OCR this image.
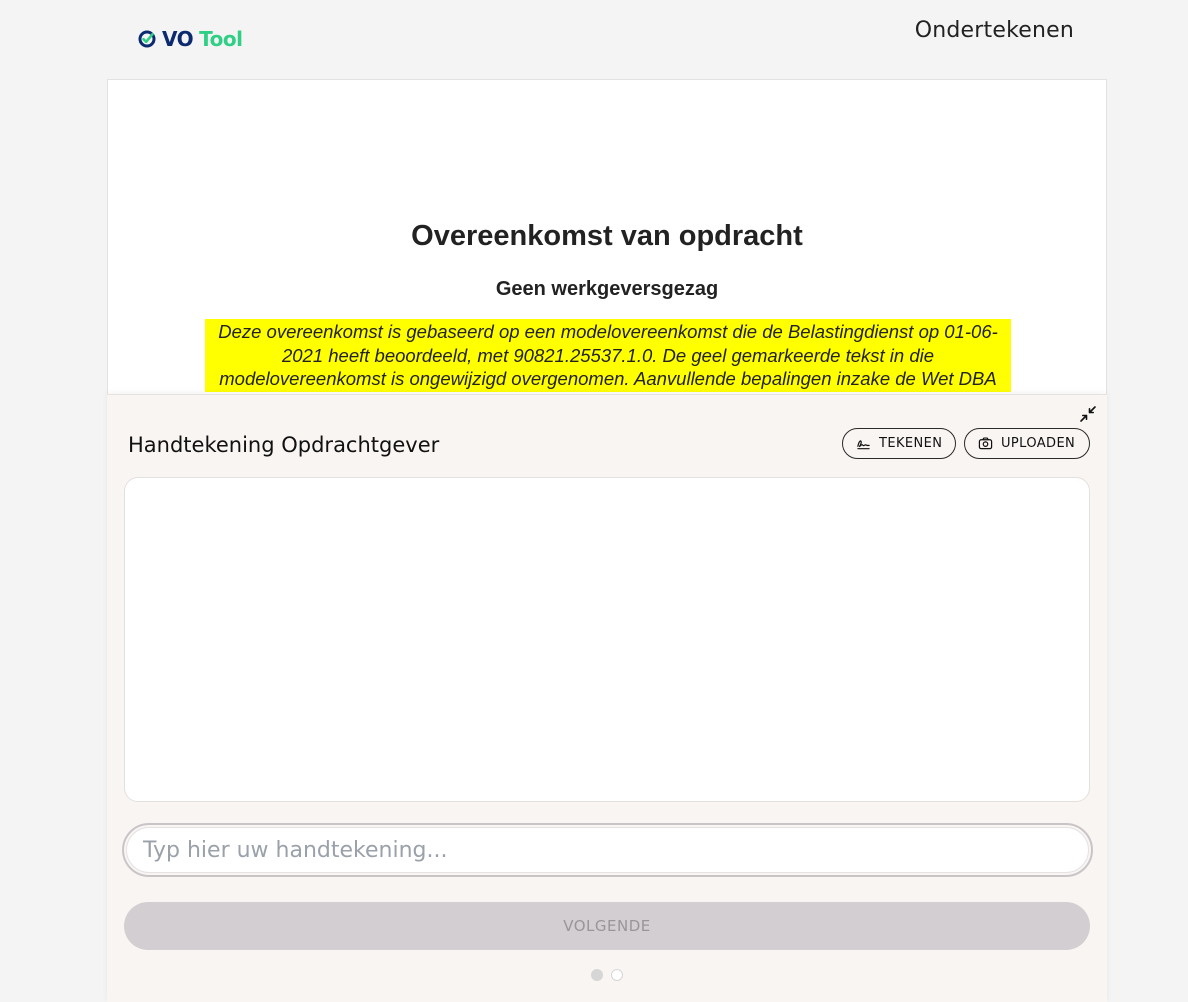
VO Tool	Ondertekenen
Overeenkomst van opdracht
Geen werkgeversgezag
Deze overeenkomst is gebaseerd op een modelovereenkomst die de Belastingdienst op 01-06-2021 heeft beoordeeld, met 90821.25537.1.0. De geel gemarkeerde tekst in die modelovereenkomst is ongewijzigd overgenomen. Aanvullende bepalingen inzake de Wet DBA
Handtekening Opdrachtgever	TEKENEN	UPLOADEN
Typ hier uw handtekening...
VOLGENDE
